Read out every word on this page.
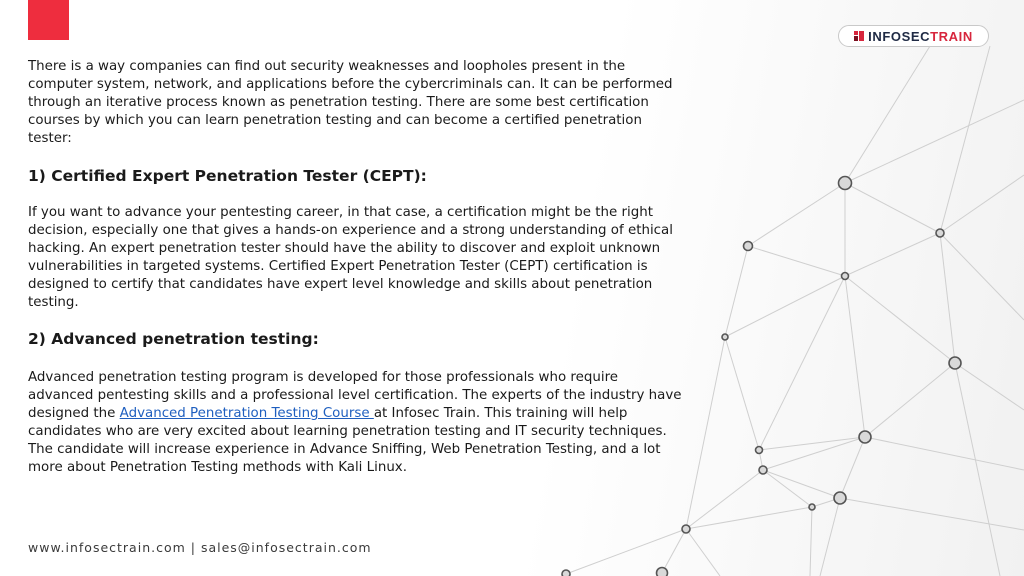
INFOSECTRAIN

There is a way companies can find out security weaknesses and loopholes present in the computer system, network, and applications before the cybercriminals can. It can be performed through an iterative process known as penetration testing. There are some best certification courses by which you can learn penetration testing and can become a certified penetration tester:

1) Certified Expert Penetration Tester (CEPT):

If you want to advance your pentesting career, in that case, a certification might be the right decision, especially one that gives a hands-on experience and a strong understanding of ethical hacking. An expert penetration tester should have the ability to discover and exploit unknown vulnerabilities in targeted systems. Certified Expert Penetration Tester (CEPT) certification is designed to certify that candidates have expert level knowledge and skills about penetration testing.

2) Advanced penetration testing:

Advanced penetration testing program is developed for those professionals who require advanced pentesting skills and a professional level certification. The experts of the industry have designed the Advanced Penetration Testing Course at Infosec Train. This training will help candidates who are very excited about learning penetration testing and IT security techniques. The candidate will increase experience in Advance Sniffing, Web Penetration Testing, and a lot more about Penetration Testing methods with Kali Linux.

www.infosectrain.com | sales@infosectrain.com
